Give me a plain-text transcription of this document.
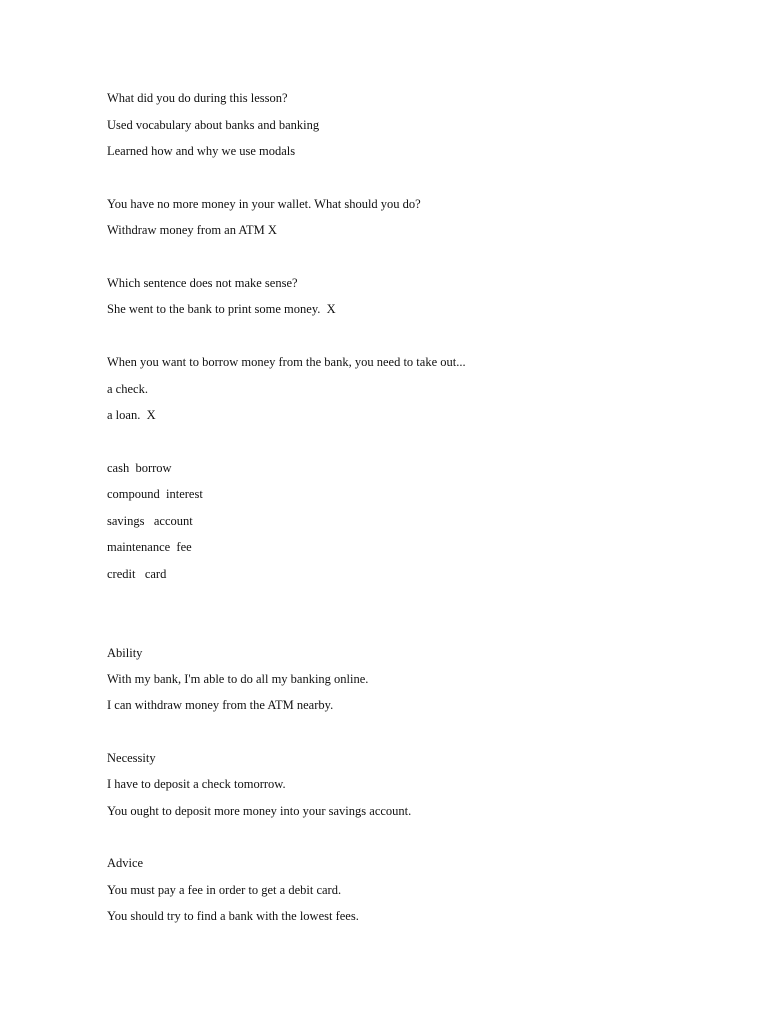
What did you do during this lesson?
Used vocabulary about banks and banking
Learned how and why we use modals
You have no more money in your wallet. What should you do?
Withdraw money from an ATM X
Which sentence does not make sense?
She went to the bank to print some money.  X
When you want to borrow money from the bank, you need to take out...
a check.
a loan.  X
cash  borrow
compound  interest
savings   account
maintenance  fee
credit   card
Ability
With my bank, I'm able to do all my banking online.
I can withdraw money from the ATM nearby.
Necessity
I have to deposit a check tomorrow.
You ought to deposit more money into your savings account.
Advice
You must pay a fee in order to get a debit card.
You should try to find a bank with the lowest fees.
